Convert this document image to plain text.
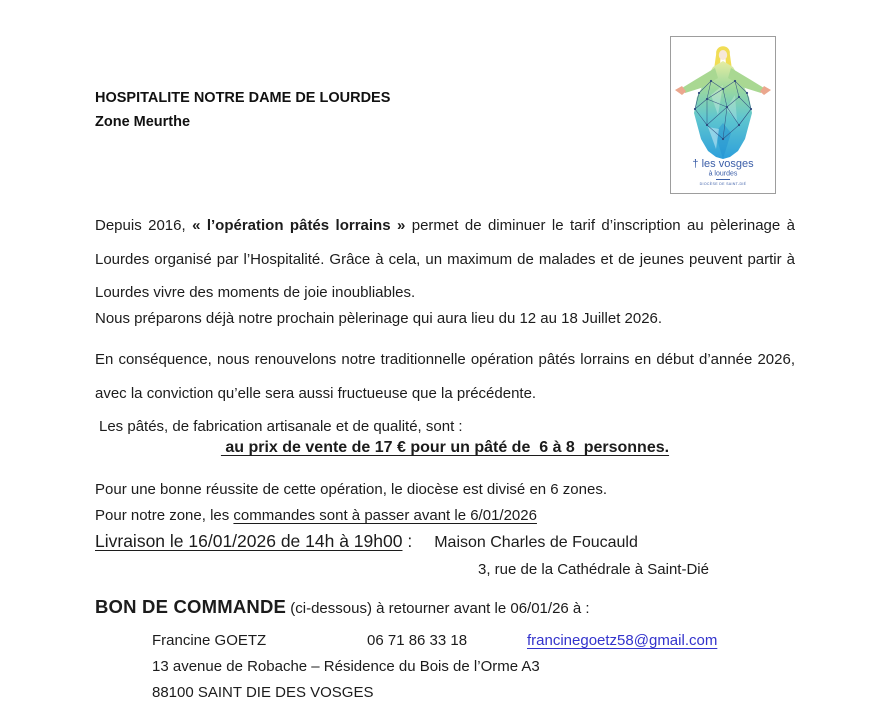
HOSPITALITE NOTRE DAME DE LOURDES
Zone Meurthe
† les vosges
à lourdes
DIOCÈSE DE SAINT-DIÉ

Depuis 2016, « l’opération pâtés lorrains » permet de diminuer le tarif d’inscription au pèlerinage à Lourdes organisé par l’Hospitalité. Grâce à cela, un maximum de malades et de jeunes peuvent partir à Lourdes vivre des moments de joie inoubliables.

Nous préparons déjà notre prochain pèlerinage qui aura lieu du 12 au 18 Juillet 2026.

En conséquence, nous renouvelons notre traditionnelle opération pâtés lorrains en début d’année 2026, avec la conviction qu’elle sera aussi fructueuse que la précédente.

Les pâtés, de fabrication artisanale et de qualité, sont :

au prix de vente de 17 € pour un pâté de  6 à 8  personnes.

Pour une bonne réussite de cette opération, le diocèse est divisé en 6 zones.
Pour notre zone, les commandes sont à passer avant le 6/01/2026

Livraison le 16/01/2026 de 14h à 19h00 : Maison Charles de Foucauld
3, rue de la Cathédrale à Saint-Dié
BON DE COMMANDE (ci-dessous) à retourner avant le 06/01/26 à :
Francine GOETZ	06 71 86 33 18	francinegoetz58@gmail.com
13 avenue de Robache – Résidence du Bois de l’Orme A3
88100 SAINT DIE DES VOSGES
